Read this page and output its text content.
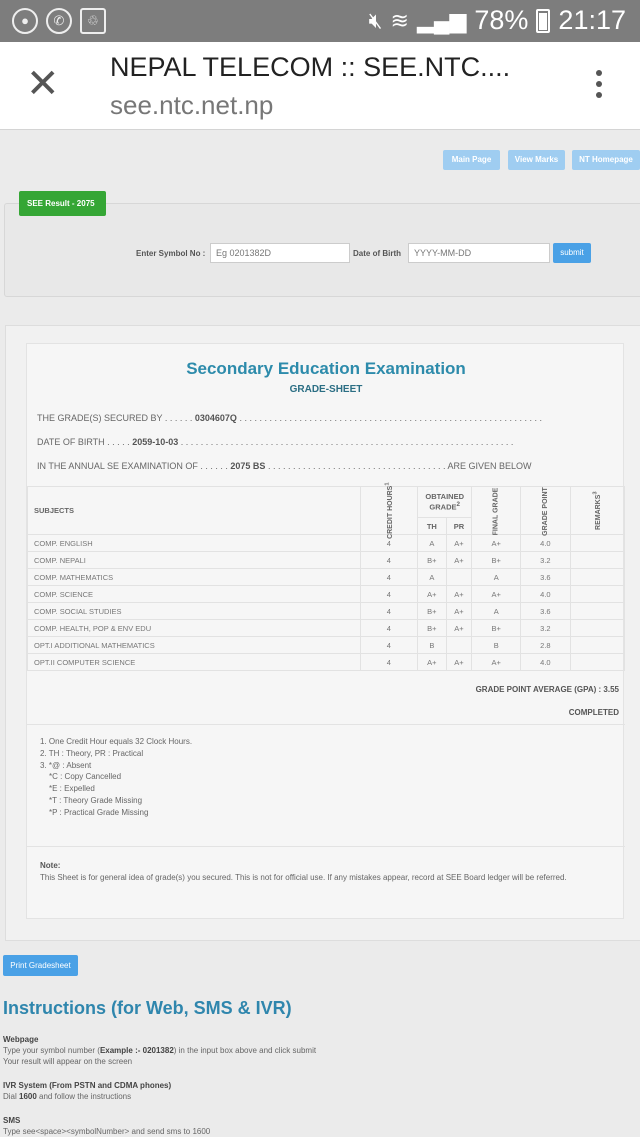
●	✆	♲	🔇︎ ≋ ▂▄▆ 78% 21:17
✕ NEPAL TELECOM :: SEE.NTC....
see.ntc.net.np
Main Page	View Marks	NT Homepage
SEE Result - 2075
Enter Symbol No :	Eg 0201382D	Date of Birth	YYYY-MM-DD	submit
Secondary Education Examination
GRADE-SHEET
THE GRADE(S) SECURED BY . . . . . . 0304607Q . . . . . . . . . . . . . . . . . . . . . . . . . . . . . . . . . . . . . . . . . . . . . . . . . . . . . . . . . . . . .
DATE OF BIRTH . . . . . 2059-10-03 . . . . . . . . . . . . . . . . . . . . . . . . . . . . . . . . . . . . . . . . . . . . . . . . . . . . . . . . . . . . . . . . . . .
IN THE ANNUAL SE EXAMINATION OF . . . . . . 2075 BS . . . . . . . . . . . . . . . . . . . . . . . . . . . . . . . . . . . . ARE GIVEN BELOW
SUBJECTS	CREDIT HOURS$^1$	OBTAINED GRADE$^2$		FINAL GRADE	GRADE POINT	REMARKS$^3$
		TH	PR			
COMP. ENGLISH	4	A	A+	A+	4.0	
COMP. NEPALI	4	B+	A+	B+	3.2	
COMP. MATHEMATICS	4	A		A	3.6	
COMP. SCIENCE	4	A+	A+	A+	4.0	
COMP. SOCIAL STUDIES	4	B+	A+	A	3.6	
COMP. HEALTH, POP & ENV EDU	4	B+	A+	B+	3.2	
OPT.I ADDITIONAL MATHEMATICS	4	B		B	2.8	
OPT.II COMPUTER SCIENCE	4	A+	A+	A+	4.0	
GRADE POINT AVERAGE (GPA) : 3.55
COMPLETED
1. One Credit Hour equals 32 Clock Hours.
2. TH : Theory, PR : Practical
3. *@ : Absent
*C : Copy Cancelled
*E : Expelled
*T : Theory Grade Missing
*P : Practical Grade Missing
Note:
This Sheet is for general idea of grade(s) you secured. This is not for official use. If any mistakes appear, record at SEE Board ledger will be referred.
Print Gradesheet
Instructions (for Web, SMS & IVR)
Webpage
Type your symbol number (Example :- 0201382) in the input box above and click submit
Your result will appear on the screen
IVR System (From PSTN and CDMA phones)
Dial 1600 and follow the instructions
SMS
Type see<space><symbolNumber> and send sms to 1600
